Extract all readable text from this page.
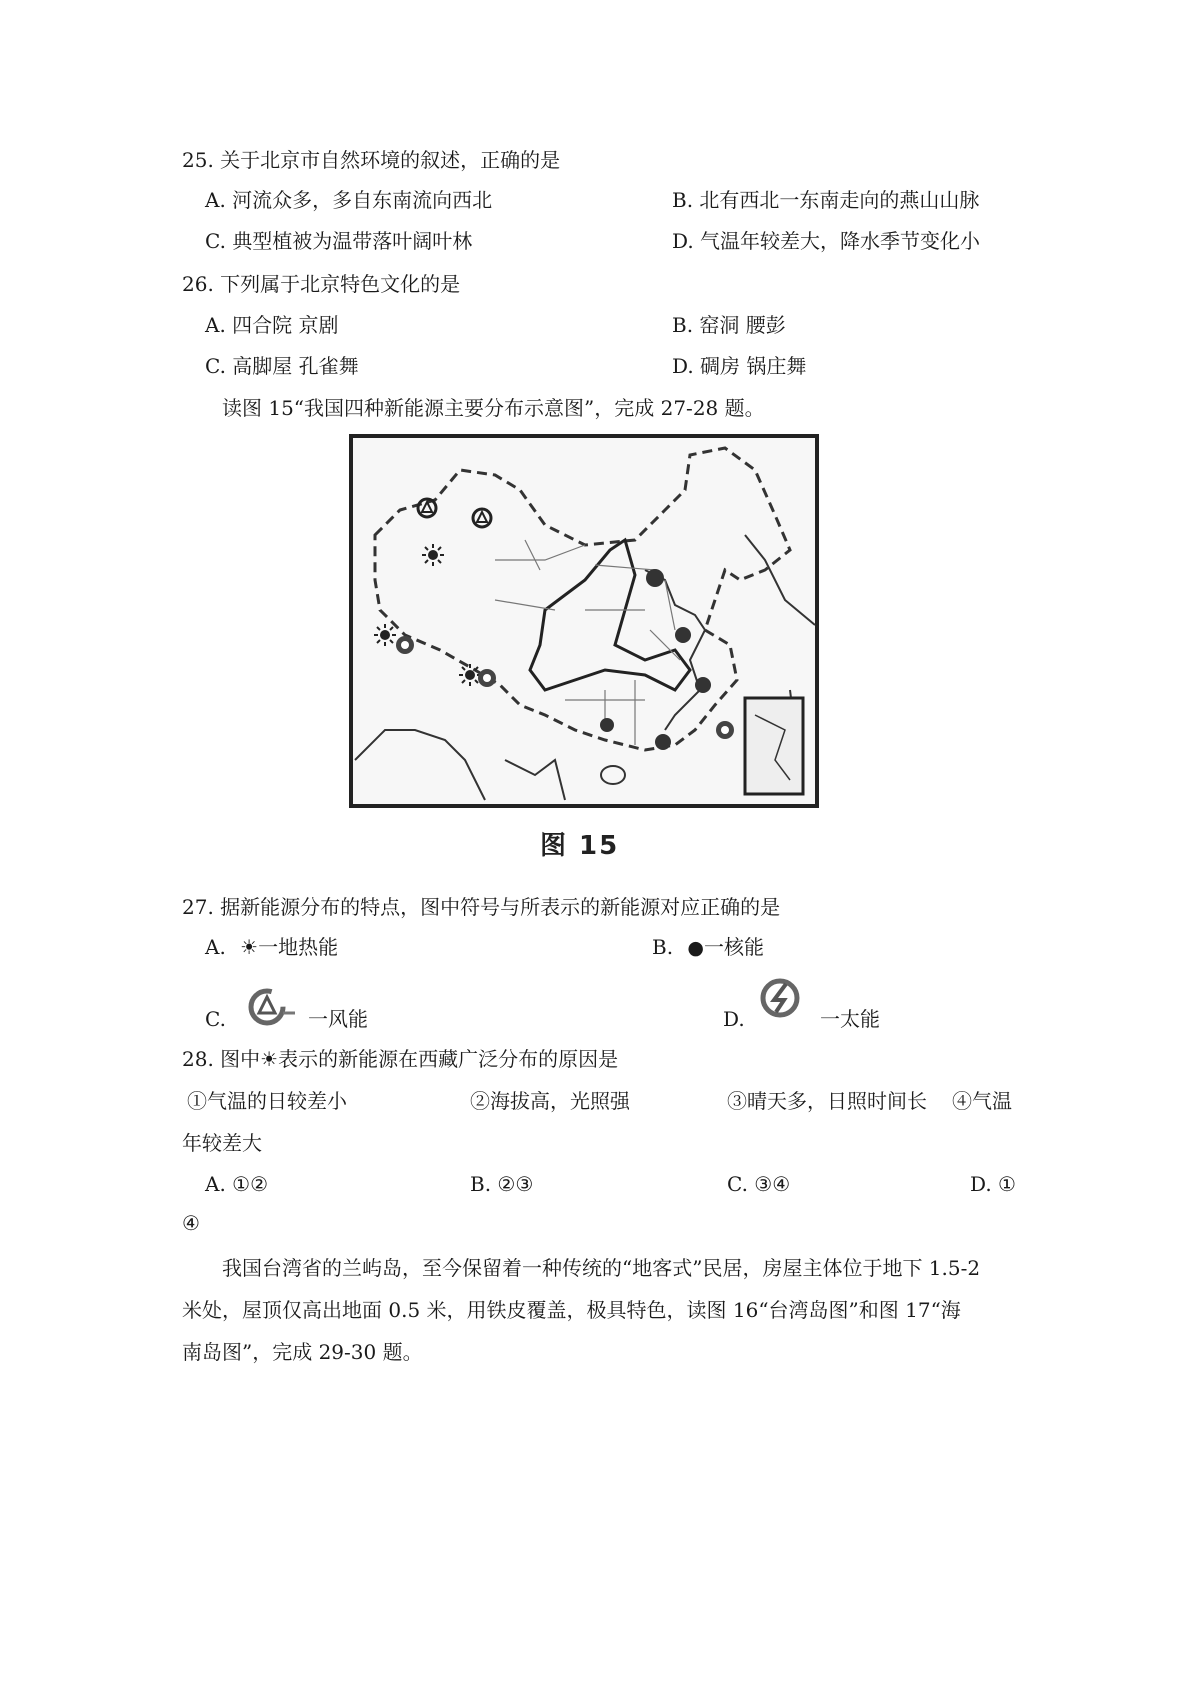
25. 关于北京市自然环境的叙述，正确的是
A. 河流众多，多自东南流向西北	B. 北有西北一东南走向的燕山山脉
C. 典型植被为温带落叶阔叶林	D. 气温年较差大，降水季节变化小
26. 下列属于北京特色文化的是
A. 四合院 京剧	B. 窑洞 腰彭
C. 高脚屋 孔雀舞	D. 碉房 锅庄舞
读图 15“我国四种新能源主要分布示意图”，完成 27-28 题。
图 15
27. 据新能源分布的特点，图中符号与所表示的新能源对应正确的是
A. ☀一地热能	B. ●一核能
C.	一风能	D.	一太能
28. 图中☀表示的新能源在西藏广泛分布的原因是
①气温的日较差小	②海拔高，光照强	③晴天多，日照时间长 ④气温
年较差大
A. ①②	B. ②③	C. ③④	D. ①
④
我国台湾省的兰屿岛，至今保留着一种传统的“地客式”民居，房屋主体位于地下 1.5-2
米处，屋顶仅高出地面 0.5 米，用铁皮覆盖，极具特色，读图 16“台湾岛图”和图 17“海
南岛图”，完成 29-30 题。
